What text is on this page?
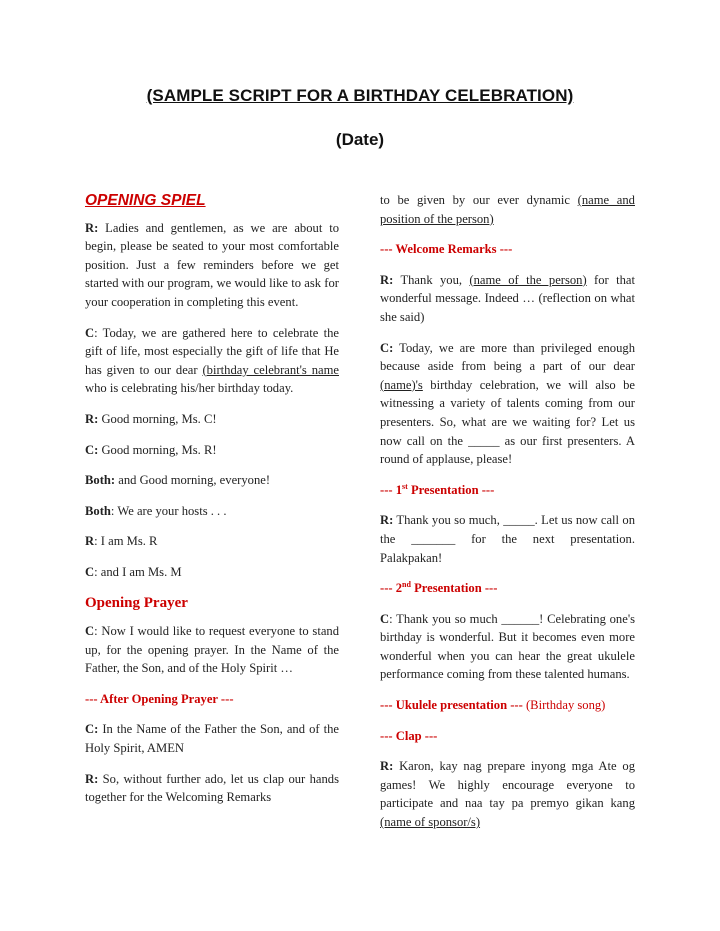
(SAMPLE SCRIPT FOR A BIRTHDAY CELEBRATION)
(Date)
OPENING SPIEL

R: Ladies and gentlemen, as we are about to begin, please be seated to your most comfortable position. Just a few reminders before we get started with our program, we would like to ask for your cooperation in completing this event.

C: Today, we are gathered here to celebrate the gift of life, most especially the gift of life that He has given to our dear (birthday celebrant's name who is celebrating his/her birthday today.

R: Good morning, Ms. C!

C: Good morning, Ms. R!

Both: and Good morning, everyone!

Both: We are your hosts . . .

R: I am Ms. R

C: and I am Ms. M

Opening Prayer

C: Now I would like to request everyone to stand up, for the opening prayer. In the Name of the Father, the Son, and of the Holy Spirit …

--- After Opening Prayer ---

C: In the Name of the Father the Son, and of the Holy Spirit, AMEN

R: So, without further ado, let us clap our hands together for the Welcoming Remarks

to be given by our ever dynamic (name and position of the person)

--- Welcome Remarks ---

R: Thank you, (name of the person) for that wonderful message. Indeed … (reflection on what she said)

C: Today, we are more than privileged enough because aside from being a part of our dear (name)'s birthday celebration, we will also be witnessing a variety of talents coming from our presenters. So, what are we waiting for? Let us now call on the _____ as our first presenters. A round of applause, please!

--- 1st Presentation ---

R: Thank you so much, _____. Let us now call on the _______ for the next presentation. Palakpakan!

--- 2nd Presentation ---

C: Thank you so much ______! Celebrating one's birthday is wonderful. But it becomes even more wonderful when you can hear the great ukulele performance coming from these talented humans.

--- Ukulele presentation --- (Birthday song)
--- Clap ---

R: Karon, kay nag prepare inyong mga Ate og games! We highly encourage everyone to participate and naa tay pa premyo gikan kang (name of sponsor/s)
